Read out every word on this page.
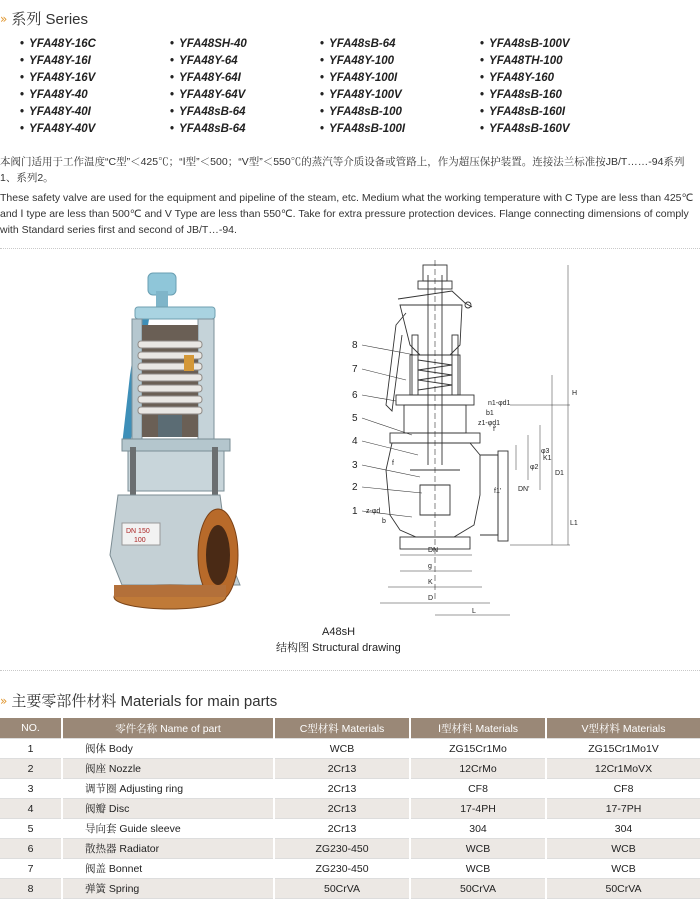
» 系列 Series
• YFA48Y-16C	• YFA48SH-40	• YFA48sB-64	• YFA48sB-100V
• YFA48Y-16I	• YFA48Y-64	• YFA48Y-100	• YFA48TH-100
• YFA48Y-16V	• YFA48Y-64I	• YFA48Y-100I	• YFA48Y-160
• YFA48Y-40	• YFA48Y-64V	• YFA48Y-100V	• YFA48sB-160
• YFA48Y-40I	• YFA48sB-64	• YFA48sB-100	• YFA48sB-160I
• YFA48Y-40V	• YFA48sB-64	• YFA48sB-100I	• YFA48sB-160V
本阀门适用于工作温度“C型”＜425℃；“Ⅰ型”＜500；“V型”＜550℃的蒸汽等介质设备或管路上，作为超压保护装置。连接法兰标准按JB/T……-94系列1、系列2。
These safety valve are used for the equipment and pipeline of the steam, etc. Medium what the working temperature with C Type are less than 425℃ and Ⅰ type are less than 500℃ and V Type are less than 550℃. Take for extra pressure protection devices. Flange connecting dimensions of comply with Standard series first and second of JB/T…-94.
DN 150
100
8
7
6
5
4
3
2
1
H
D1
K1
L1
DN'
φ2
φ3
DN
g
K
D
L
b
b1
f'
f
f1'
n1-φd1
z-φd
z1-φd1
A48sH
结构图 Structural drawing
» 主要零部件材料 Materials for main parts
NO.	零件名称 Name of part	C型材料 Materials	Ⅰ型材料 Materials	V型材料 Materials
1	阀体 Body	WCB	ZG15Cr1Mo	ZG15Cr1Mo1V
2	阀座 Nozzle	2Cr13	12CrMo	12Cr1MoVX
3	调节圈 Adjusting ring	2Cr13	CF8	CF8
4	阀瓣 Disc	2Cr13	17-4PH	17-7PH
5	导向套 Guide sleeve	2Cr13	304	304
6	散热器 Radiator	ZG230-450	WCB	WCB
7	阀盖 Bonnet	ZG230-450	WCB	WCB
8	弹簧 Spring	50CrVA	50CrVA	50CrVA
